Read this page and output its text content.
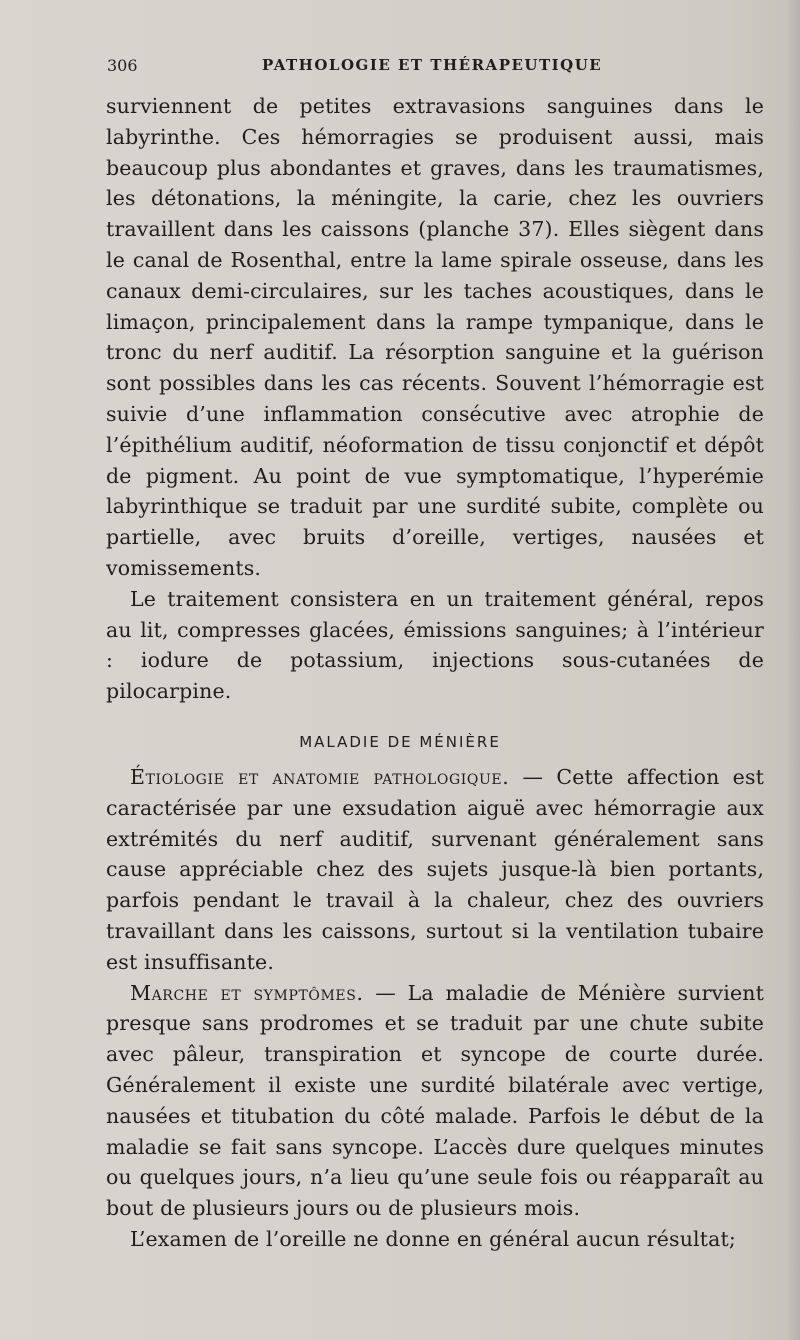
306	PATHOLOGIE ET THÉRAPEUTIQUE

surviennent de petites extravasions sanguines dans le labyrinthe. Ces hémorragies se produisent aussi, mais beaucoup plus abondantes et graves, dans les traumatismes, les détonations, la méningite, la carie, chez les ouvriers travaillent dans les caissons (planche 37). Elles siègent dans le canal de Rosenthal, entre la lame spirale osseuse, dans les canaux demi-circulaires, sur les taches acoustiques, dans le limaçon, principalement dans la rampe tympanique, dans le tronc du nerf auditif. La résorption sanguine et la guérison sont possibles dans les cas récents. Souvent l’hémorragie est suivie d’une inflammation consécutive avec atrophie de l’épithélium auditif, néoformation de tissu conjonctif et dépôt de pigment. Au point de vue symptomatique, l’hyperémie labyrinthique se traduit par une surdité subite, complète ou partielle, avec bruits d’oreille, vertiges, nausées et vomissements.

Le traitement consistera en un traitement général, repos au lit, compresses glacées, émissions sanguines; à l’intérieur : iodure de potassium, injections sous-cutanées de pilocarpine.

MALADIE DE MÉNIÈRE

Étiologie et anatomie pathologique. — Cette affection est caractérisée par une exsudation aiguë avec hémorragie aux extrémités du nerf auditif, survenant généralement sans cause appréciable chez des sujets jusque-là bien portants, parfois pendant le travail à la chaleur, chez des ouvriers travaillant dans les caissons, surtout si la ventilation tubaire est insuffisante.

Marche et symptômes. — La maladie de Ménière survient presque sans prodromes et se traduit par une chute subite avec pâleur, transpiration et syncope de courte durée. Généralement il existe une surdité bilatérale avec vertige, nausées et titubation du côté malade. Parfois le début de la maladie se fait sans syncope. L’accès dure quelques minutes ou quelques jours, n’a lieu qu’une seule fois ou réapparaît au bout de plusieurs jours ou de plusieurs mois.

L’examen de l’oreille ne donne en général aucun résultat;
